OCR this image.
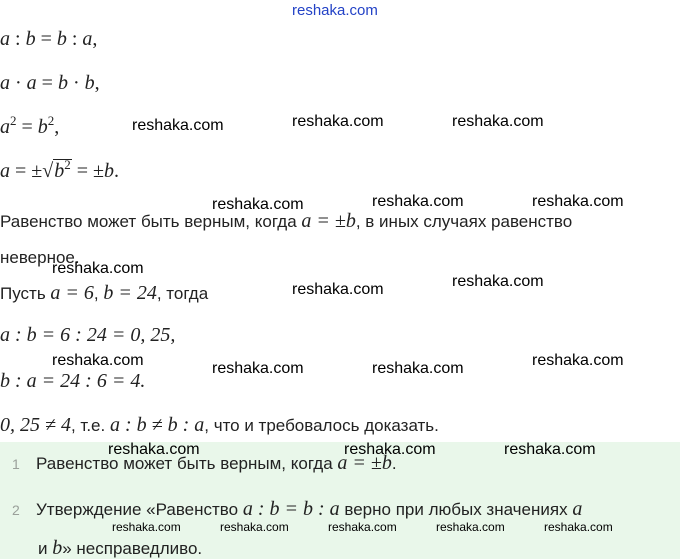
reshaka.com
a : b = b : a,
a · a = b · b,
$a^2 = b^2$,
$a = \pm√b^2 = \pm b$.
Равенство может быть верным, когда a = ±b, в иных случаях равенство
неверное.
Пусть a = 6, b = 24, тогда
a : b = 6 : 24 = 0, 25,
b : a = 24 : 6 = 4.
0, 25 ≠ 4, т.е. a : b ≠ b : a, что и требовалось доказать.
1 Равенство может быть верным, когда a = ±b.
2 Утверждение «Равенство a : b = b : a верно при любых значениях a
и b» несправедливо.
reshaka.com	reshaka.com	reshaka.com
reshaka.com	reshaka.com	reshaka.com
reshaka.com
reshaka.com	reshaka.com
reshaka.com	reshaka.com	reshaka.com	reshaka.com
reshaka.com	reshaka.com	reshaka.com
reshaka.com	reshaka.com	reshaka.com	reshaka.com	reshaka.com
